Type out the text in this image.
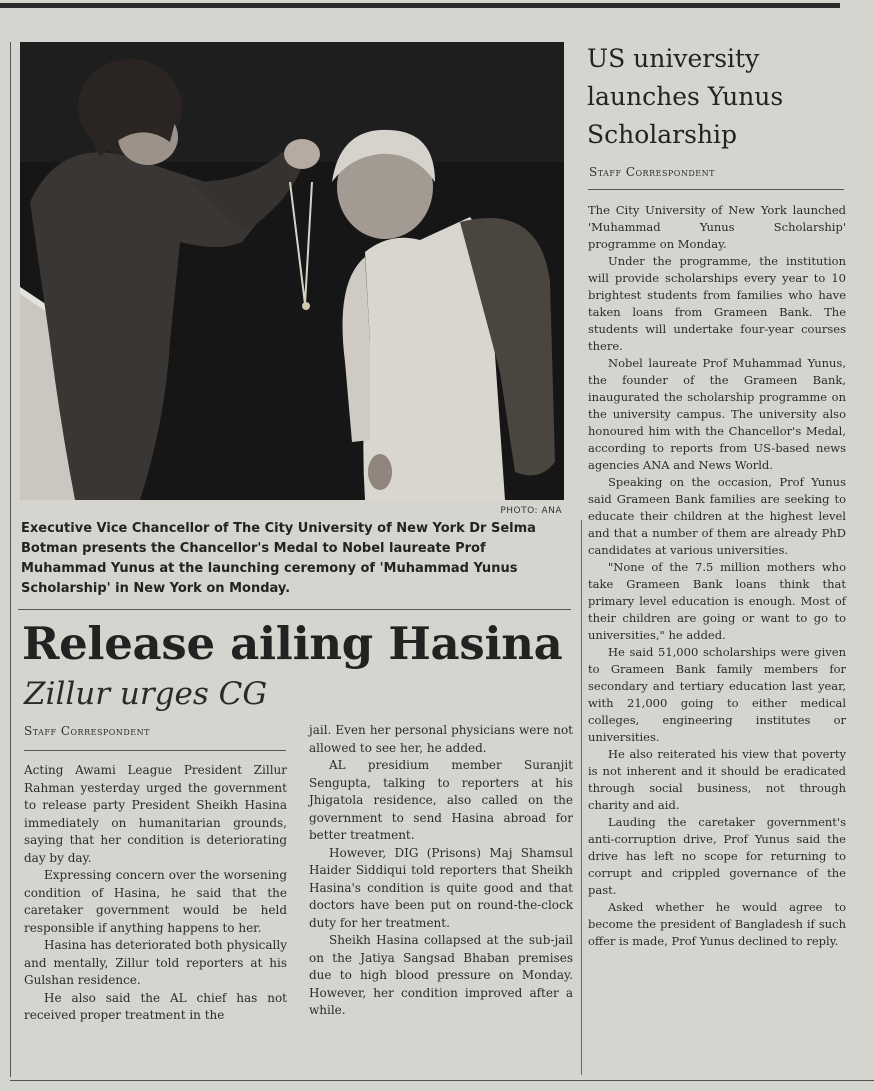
PHOTO: ANA
Executive Vice Chancellor of The City University of New York Dr Selma Botman presents the Chancellor's Medal to Nobel laureate Prof Muhammad Yunus at the launching ceremony of 'Muhammad Yunus Scholarship' in New York on Monday.
Release ailing Hasina
Zillur urges CG
Staff Correspondent

Acting Awami League President Zillur Rahman yesterday urged the government to release party President Sheikh Hasina immediately on humanitarian grounds, saying that her condition is deteriorating day by day.

Expressing concern over the worsening condition of Hasina, he said that the caretaker government would be held responsible if anything happens to her.

Hasina has deteriorated both physically and mentally, Zillur told reporters at his Gulshan residence.

He also said the AL chief has not received proper treatment in the

jail. Even her personal physicians were not allowed to see her, he added.

AL presidium member Suranjit Sengupta, talking to reporters at his Jhigatola residence, also called on the government to send Hasina abroad for better treatment.

However, DIG (Prisons) Maj Shamsul Haider Siddiqui told reporters that Sheikh Hasina's condition is quite good and that doctors have been put on round-the-clock duty for her treatment.

Sheikh Hasina collapsed at the sub-jail on the Jatiya Sangsad Bhaban premises due to high blood pressure on Monday. However, her condition improved after a while.

US university launches Yunus Scholarship
Staff Correspondent

The City University of New York launched 'Muhammad Yunus Scholarship' programme on Monday.

Under the programme, the institution will provide scholarships every year to 10 brightest students from families who have taken loans from Grameen Bank. The students will undertake four-year courses there.

Nobel laureate Prof Muhammad Yunus, the founder of the Grameen Bank, inaugurated the scholarship programme on the university campus. The university also honoured him with the Chancellor's Medal, according to reports from US-based news agencies ANA and News World.

Speaking on the occasion, Prof Yunus said Grameen Bank families are seeking to educate their children at the highest level and that a number of them are already PhD candidates at various universities.

"None of the 7.5 million mothers who take Grameen Bank loans think that primary level education is enough. Most of their children are going or want to go to universities," he added.

He said 51,000 scholarships were given to Grameen Bank family members for secondary and tertiary education last year, with 21,000 going to either medical colleges, engineering institutes or universities.

He also reiterated his view that poverty is not inherent and it should be eradicated through social business, not through charity and aid.

Lauding the caretaker government's anti-corruption drive, Prof Yunus said the drive has left no scope for returning to corrupt and crippled governance of the past.

Asked whether he would agree to become the president of Bangladesh if such offer is made, Prof Yunus declined to reply.
